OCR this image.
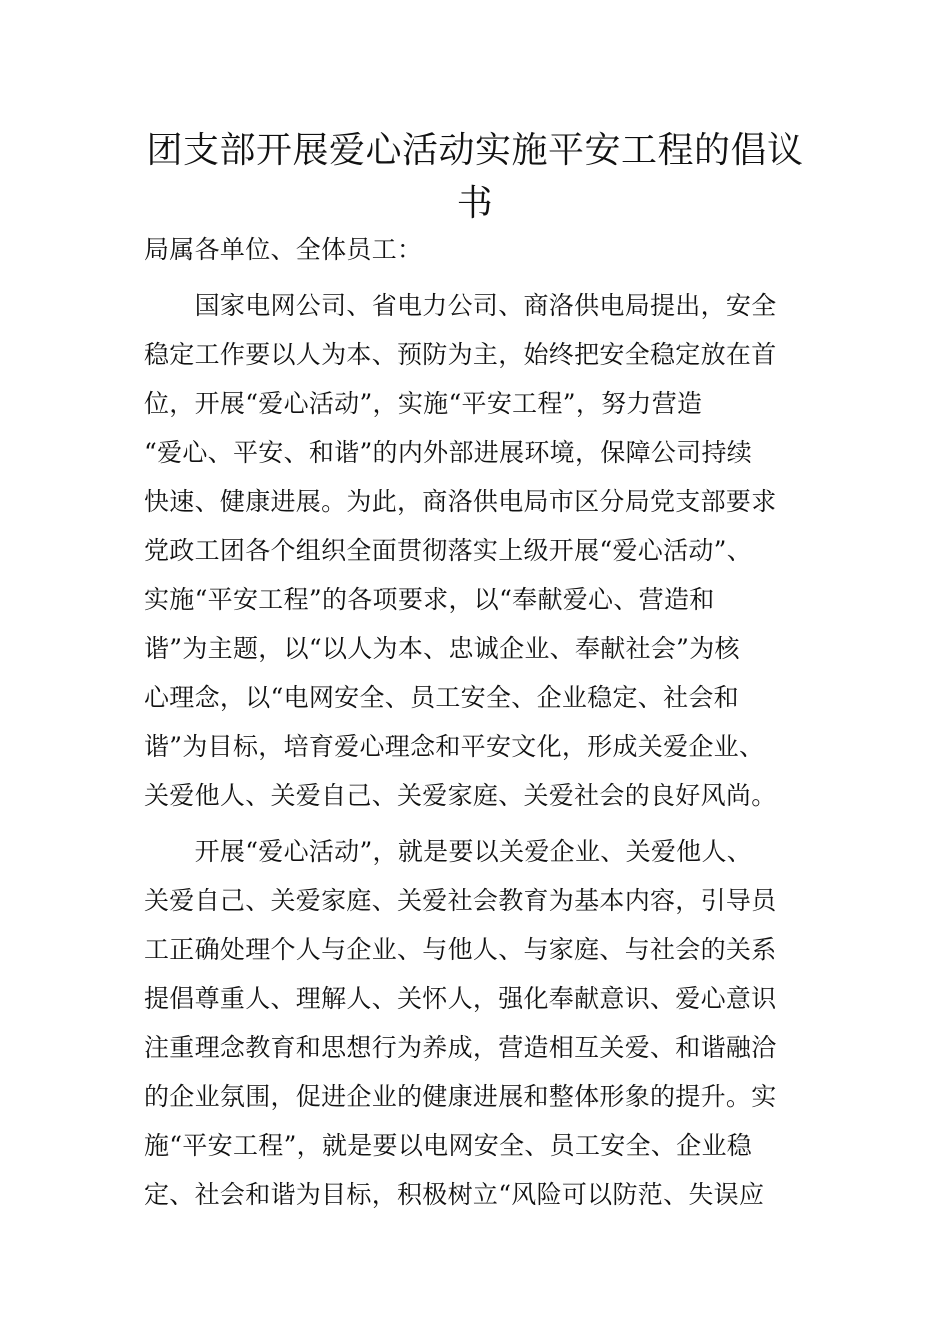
团支部开展爱心活动实施平安工程的倡议
书
局属各单位、全体员工：
　　国家电网公司、省电力公司、商洛供电局提出，安全
稳定工作要以人为本、预防为主，始终把安全稳定放在首
位，开展“爱心活动”，实施“平安工程”，努力营造
“爱心、平安、和谐”的内外部进展环境，保障公司持续
快速、健康进展。为此，商洛供电局市区分局党支部要求
党政工团各个组织全面贯彻落实上级开展“爱心活动”、
实施“平安工程”的各项要求，以“奉献爱心、营造和
谐”为主题，以“以人为本、忠诚企业、奉献社会”为核
心理念，以“电网安全、员工安全、企业稳定、社会和
谐”为目标，培育爱心理念和平安文化，形成关爱企业、
关爱他人、关爱自己、关爱家庭、关爱社会的良好风尚。
　　开展“爱心活动”，就是要以关爱企业、关爱他人、
关爱自己、关爱家庭、关爱社会教育为基本内容，引导员
工正确处理个人与企业、与他人、与家庭、与社会的关系
提倡尊重人、理解人、关怀人，强化奉献意识、爱心意识
注重理念教育和思想行为养成，营造相互关爱、和谐融洽
的企业氛围，促进企业的健康进展和整体形象的提升。实
施“平安工程”，就是要以电网安全、员工安全、企业稳
定、社会和谐为目标，积极树立“风险可以防范、失误应
